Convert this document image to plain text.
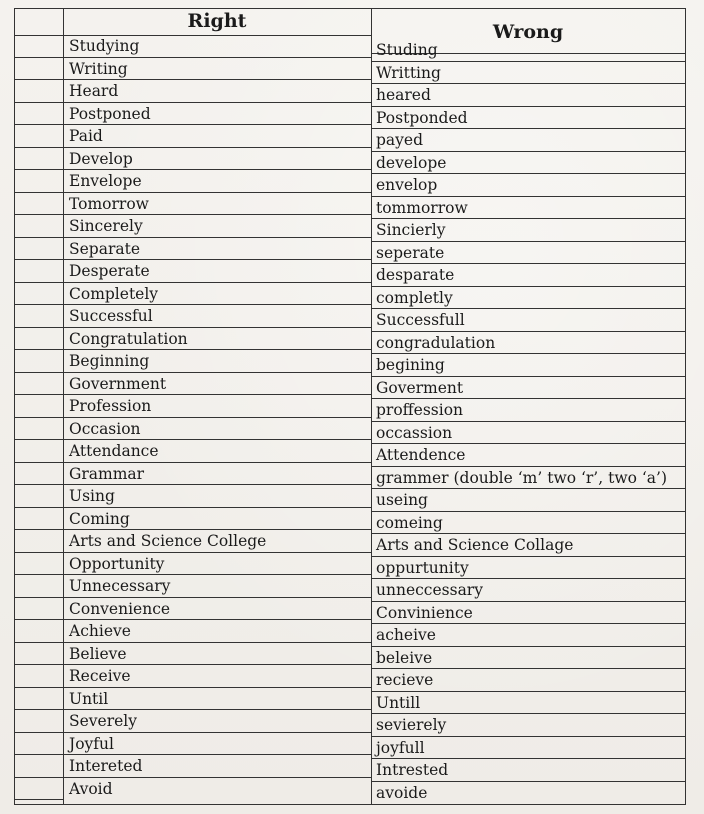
Right
Studying
Writing
Heard
Postponed
Paid
Develop
Envelope
Tomorrow
Sincerely
Separate
Desperate
Completely
Successful
Congratulation
Beginning
Government
Profession
Occasion
Attendance
Grammar
Using
Coming
Arts and Science College
Opportunity
Unnecessary
Convenience
Achieve
Believe
Receive
Until
Severely
Joyful
Intereted
Avoid
Wrong
Studing
Writting
heared
Postponded
payed
develope
envelop
tommorrow
Sincierly
seperate
desparate
completly
Successfull
congradulation
begining
Goverment
proffession
occassion
Attendence
grammer (double ‘m’ two ‘r’, two ‘a’)
useing
comeing
Arts and Science Collage
oppurtunity
unneccessary
Convinience
acheive
beleive
recieve
Untill
sevierely
joyfull
Intrested
avoide
